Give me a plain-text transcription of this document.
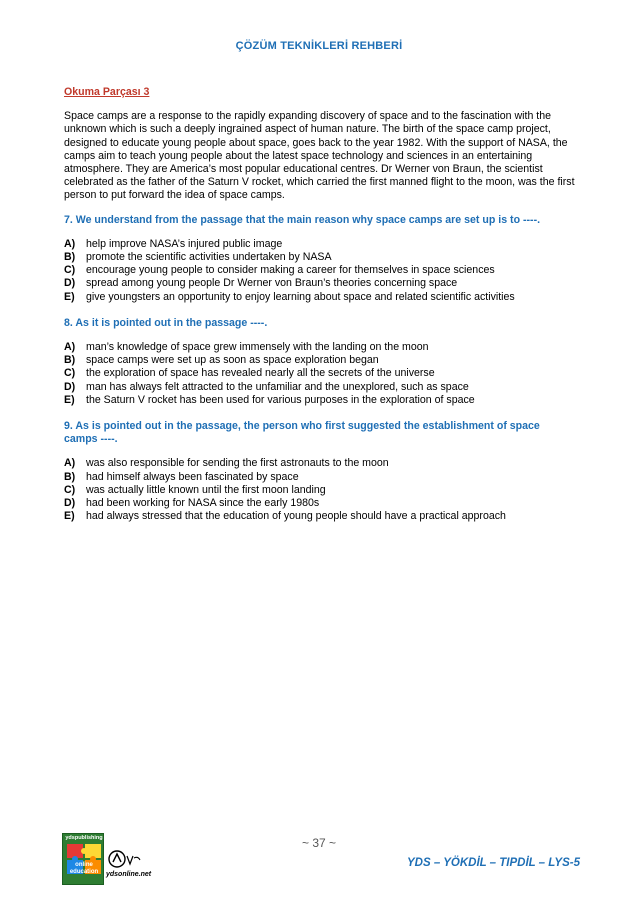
ÇÖZÜM TEKNİKLERİ REHBERİ
Okuma Parçası 3
Space camps are a response to the rapidly expanding discovery of space and to the fascination with the unknown which is such a deeply ingrained aspect of human nature. The birth of the space camp project, designed to educate young people about space, goes back to the year 1982. With the support of NASA, the camps aim to teach young people about the latest space technology and sciences in an entertaining atmosphere. They are America’s most popular educational centres. Dr Werner von Braun, the scientist celebrated as the father of the Saturn V rocket, which carried the first manned flight to the moon, was the first person to put forward the idea of space camps.
7. We understand from the passage that the main reason why space camps are set up is to ----.
A)	help improve NASA’s injured public image
B)	promote the scientific activities undertaken by NASA
C)	encourage young people to consider making a career for themselves in space sciences
D)	spread among young people Dr Werner von Braun’s theories concerning space
E)	give youngsters an opportunity to enjoy learning about space and related scientific activities
8. As it is pointed out in the passage ----.
A)	man’s knowledge of space grew immensely with the landing on the moon
B)	space camps were set up as soon as space exploration began
C)	the exploration of space has revealed nearly all the secrets of the universe
D)	man has always felt attracted to the unfamiliar and the unexplored, such as space
E)	the Saturn V rocket has been used for various purposes in the exploration of space
9. As is pointed out in the passage, the person who first suggested the establishment of space camps ----.
A)	was also responsible for sending the first astronauts to the moon
B)	had himself always been fascinated by space
C)	was actually little known until the first moon landing
D)	had been working for NASA since the early 1980s
E)	had always stressed that the education of young people should have a practical approach
ydspublishing
online
education	ydsonline.net
~ 37 ~
YDS – YÖKDİL – TIPDİL – LYS-5
